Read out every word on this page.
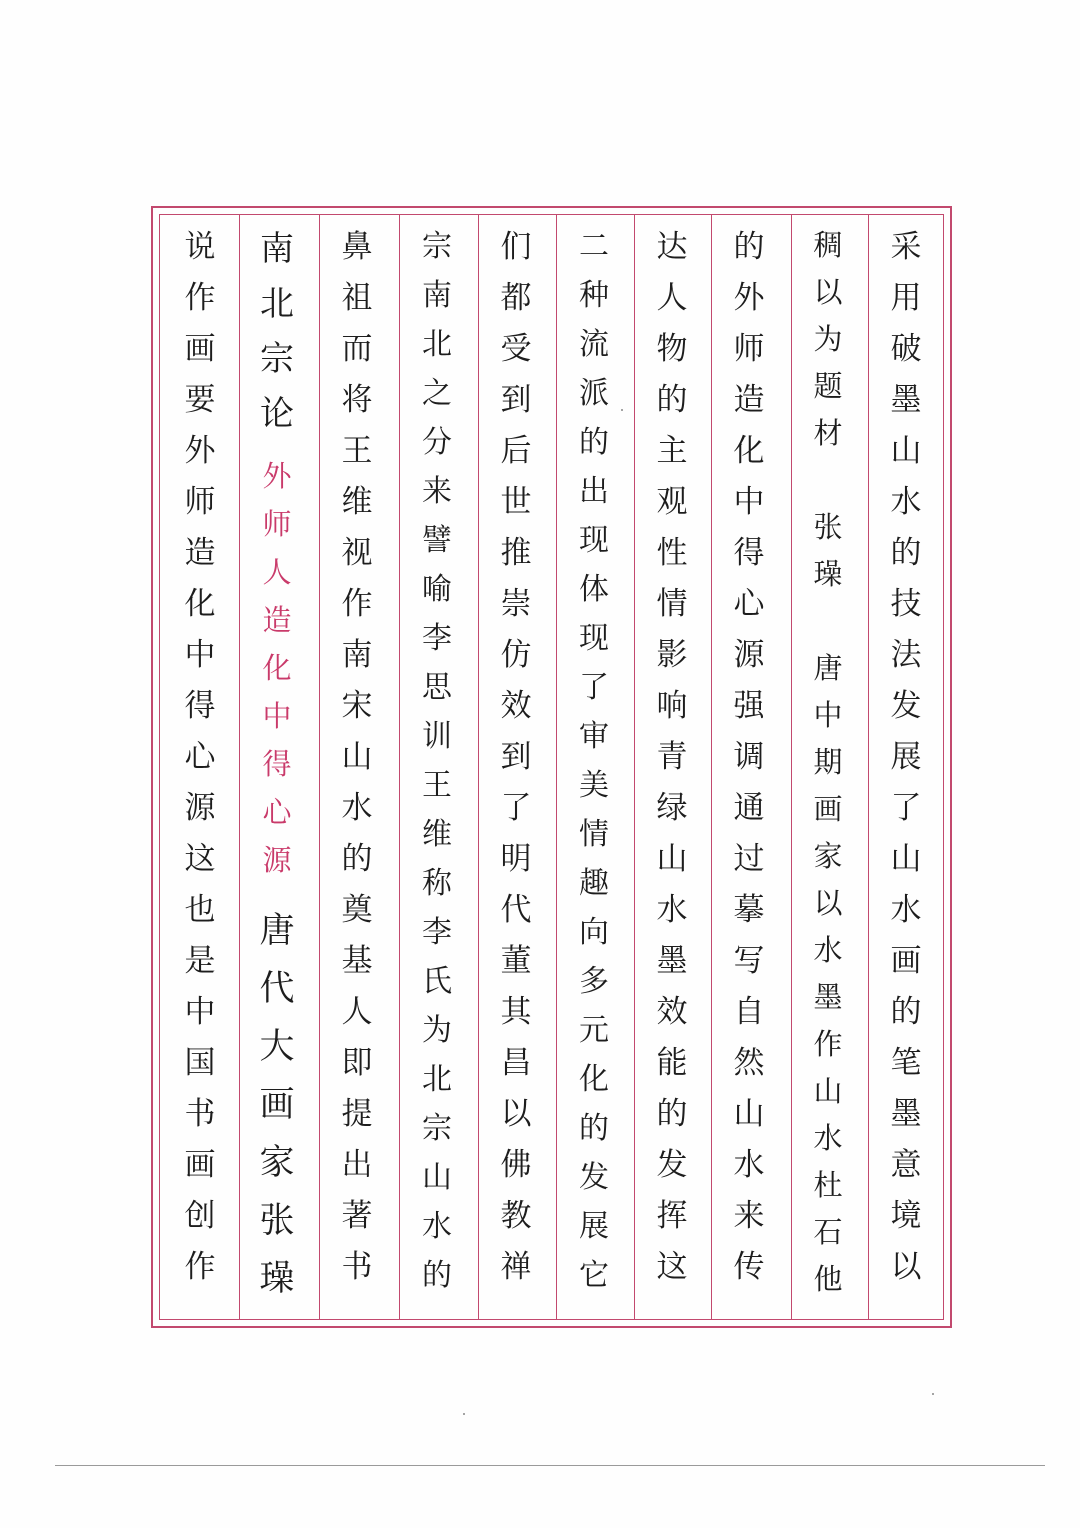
采
用
破
墨
山
水
的
技
法
发
展
了
山
水
画
的
笔
墨
意
境
以
稠
以
为
题
材

张
璪

唐
中
期
画
家
以
水
墨
作
山
水
杜
石
他
的
外
师
造
化
中
得
心
源
强
调
通
过
摹
写
自
然
山
水
来
传
达
人
物
的
主
观
性
情
影
响
青
绿
山
水
墨
效
能
的
发
挥
这
二
种
流
派
的
出
现
体
现
了
审
美
情
趣
向
多
元
化
的
发
展
它
们
都
受
到
后
世
推
崇
仿
效
到
了
明
代
董
其
昌
以
佛
教
禅
宗
南
北
之
分
来
譬
喻
李
思
训
王
维
称
李
氏
为
北
宗
山
水
的
鼻
祖
而
将
王
维
视
作
南
宋
山
水
的
奠
基
人
即
提
出
著
书
南
北
宗
论
外
师
人
造
化
中
得
心
源
唐
代
大
画
家
张
璪
说
作
画
要
外
师
造
化
中
得
心
源
这
也
是
中
国
书
画
创
作
